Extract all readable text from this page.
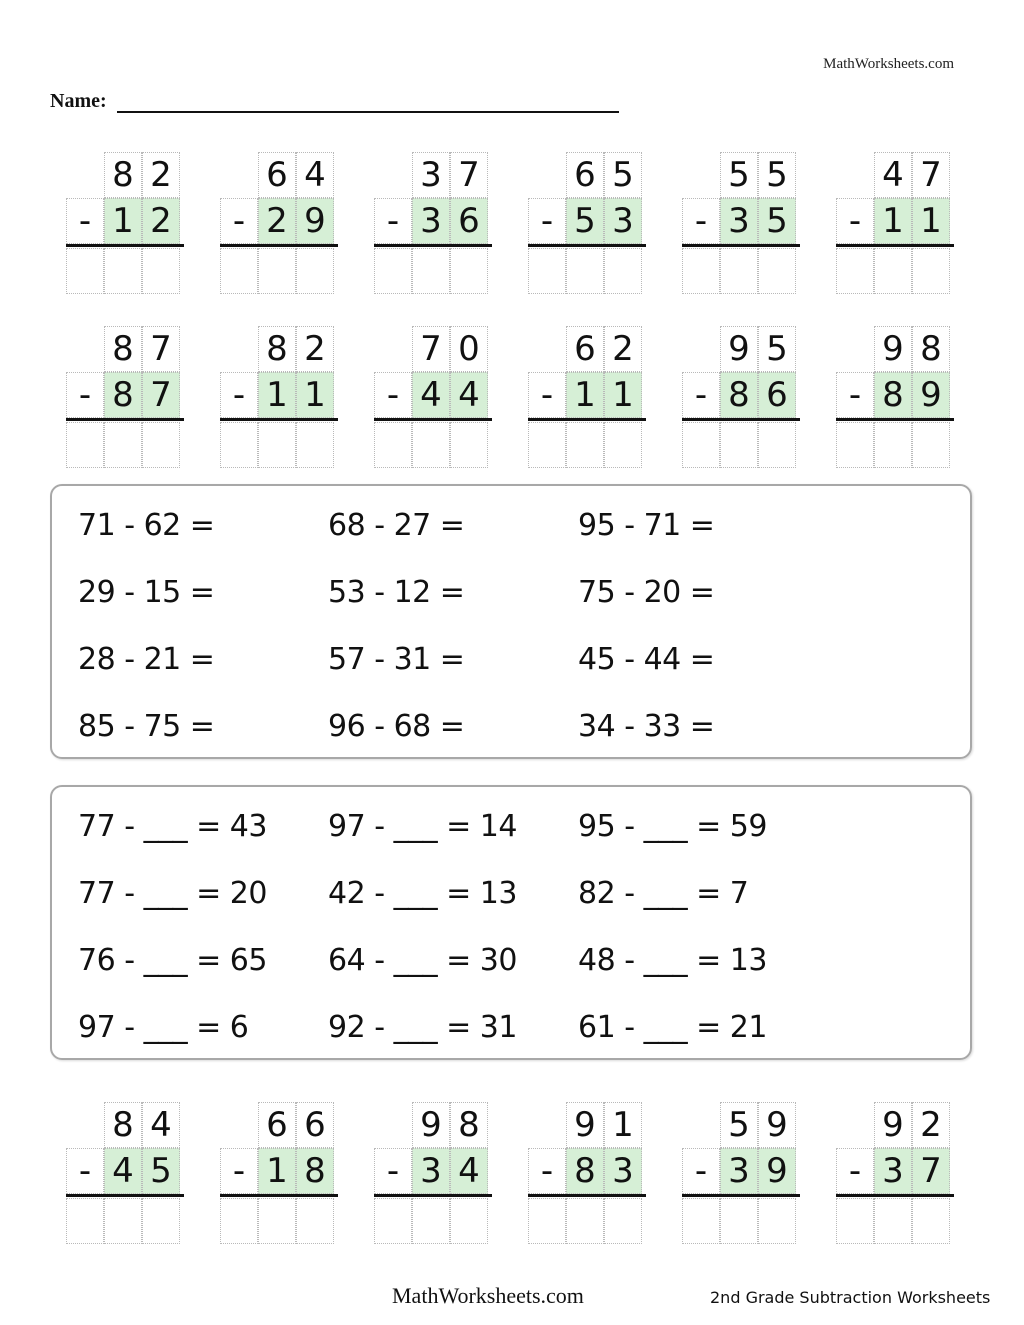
MathWorksheets.com
Name:
8 2
- 1 2
6 4
- 2 9
3 7
- 3 6
6 5
- 5 3
5 5
- 3 5
4 7
- 1 1
8 7
- 8 7
8 2
- 1 1
7 0
- 4 4
6 2
- 1 1
9 5
- 8 6
9 8
- 8 9
71 - 62 =	68 - 27 =	95 - 71 =
29 - 15 =	53 - 12 =	75 - 20 =
28 - 21 =	57 - 31 =	45 - 44 =
85 - 75 =	96 - 68 =	34 - 33 =
77 - ___ = 43 97 - ___ = 14 95 - ___ = 59
77 - ___ = 20 42 - ___ = 13 82 - ___ = 7
76 - ___ = 65 64 - ___ = 30 48 - ___ = 13
97 - ___ = 6	92 - ___ = 31 61 - ___ = 21
8 4
- 4 5
6 6
- 1 8
9 8
- 3 4
9 1
- 8 3
5 9
- 3 9
9 2
- 3 7
MathWorksheets.com	2nd Grade Subtraction Worksheets
